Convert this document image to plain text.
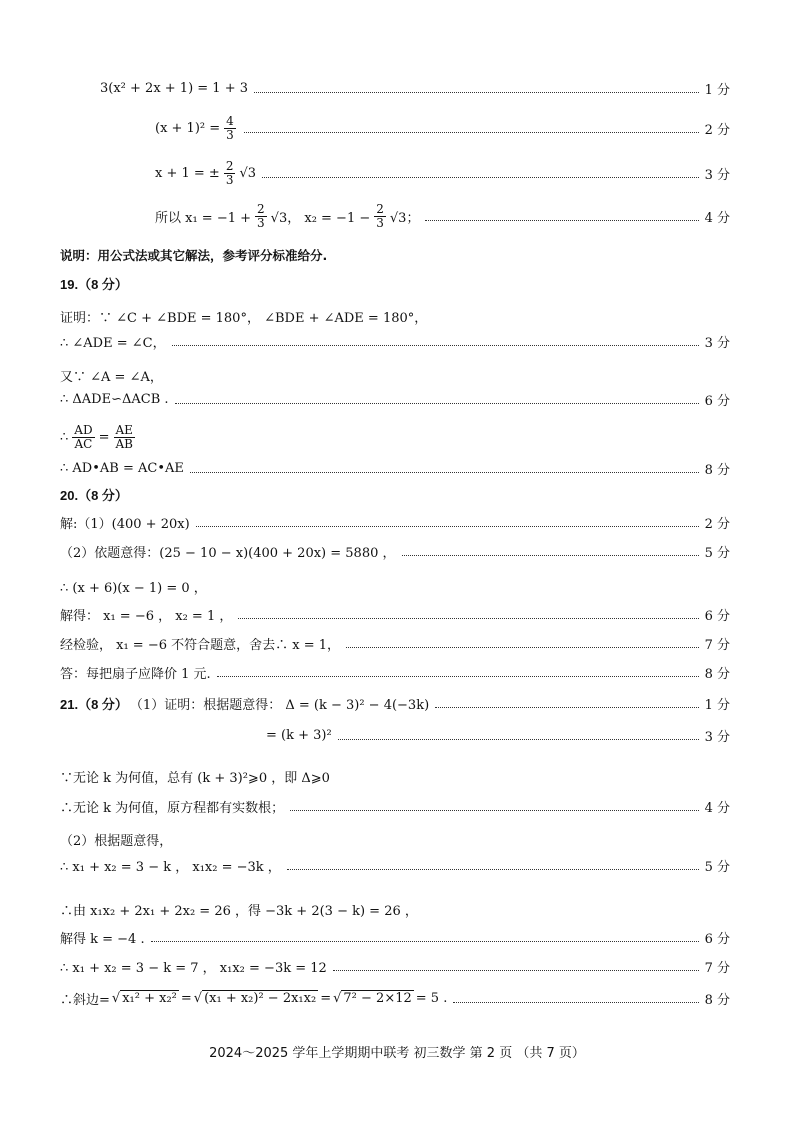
3(x² + 2x + 1) = 1 + 3	1 分
$(x + 1)^2 = \frac{4}{3}$	2 分
x + 1 = ± $\frac{2}{3} √3$	3 分
所以 $x_1 = -1 + \frac{2}{3} √3$， $x_2 = -1 - \frac{2}{3} √3$；	4 分
说明：用公式法或其它解法，参考评分标准给分.
19.（8 分）
证明：∵ ∠C + ∠BDE = 180°， ∠BDE + ∠ADE = 180°，
∴ ∠ADE = ∠C，	3 分
又∵ ∠A = ∠A，
∴ ΔADE∽ΔACB .	6 分
∴ $\frac{AD}{AC} = \frac{AE}{AB}$
∴ AD•AB = AC•AE	8 分
20.（8 分）
解:（1）(400 + 20x)	2 分
（2）依题意得：(25 − 10 − x)(400 + 20x) = 5880 ，	5 分
∴ (x + 6)(x − 1) = 0 ，
解得： x₁ = −6 ， x₂ = 1 ，	6 分
经检验， x₁ = −6 不符合题意，舍去∴ x = 1，	7 分
答：每把扇子应降价 1 元.	8 分
21.（8 分） （1）证明：根据题意得： Δ = (k − 3)² − 4(−3k)	1 分
= (k + 3)²	3 分
∵无论 k 为何值，总有 (k + 3)²⩾0 ，即 Δ⩾0
∴无论 k 为何值，原方程都有实数根；	4 分
（2）根据题意得，
∴ x₁ + x₂ = 3 − k ， x₁x₂ = −3k ，	5 分
∴由 x₁x₂ + 2x₁ + 2x₂ = 26 ，得 −3k + 2(3 − k) = 26 ，
解得 k = −4 .	6 分
∴ x₁ + x₂ = 3 − k = 7 ， x₁x₂ = −3k = 12	7 分
∴斜边= √ x₁² + x₂² = √ (x₁ + x₂)² − 2x₁x₂ = √ 7² − 2×12 = 5 .	8 分
2024～2025 学年上学期期中联考 初三数学 第 2 页 （共 7 页）
